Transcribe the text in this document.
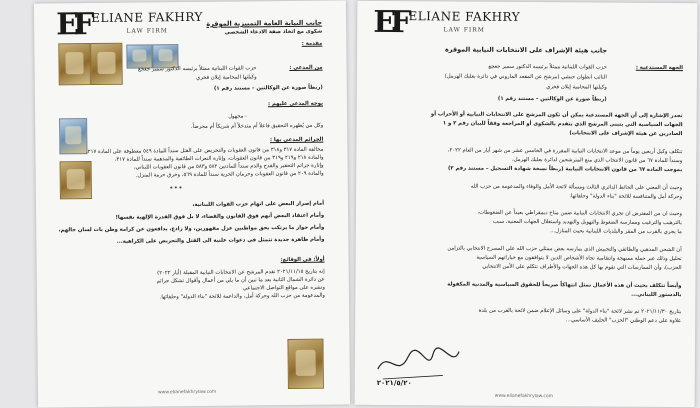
EF ELIANE FAKHRY
LAW FIRM
جانب النيابة العامة التمييزية الموقرة
شكوى مع اتخاذ صفة الادعاء الشخصي
مقدمة :
من المدعي :
حزب القوات اللبنانية ممثلاً برئيسه الدكتور سمير جعجع
وكيلتها المحامية إيلان فخري
(ربطاً صورة عن الوكالتين – مستند رقم ١)
بوجه المدعى عليهم :
- مجهول
وكل من يُظهره التحقيق فاعلاً أم متدخلاً أم شريكاً أم محرضاً.
الجرائم المدعى بها :
مخالفة المادة ٣١٧ و٣١٨ من قانون العقوبات والتحريض على القتل سنداً للمادة ٥٤٩ معطوفة على المادة ٢١٧،
والمادة ٢١٨ و٢١٩ و٣١٩ من قانون العقوبات، وإثارة النعرات الطائفية والمذهبية سنداً للمادة ٣١٧،
وإثارة جرائم التحقير والقدح والذم سنداً للمادتين ٥٨٢ و٥٨٣ من قانون العقوبات اللبناني،
والمادة ٢٠٩ من قانون العقوبات وحرمان الحرية سنداً للمادة ٥٦٩، وخرق حرمة المنزل.
* * *
أمام إصرار البعض على اتهام حزب القوات اللبنانية،
وأمام اعتقاد البعض أنهم فوق القانون والقضاء، لا بل فوق القدرة الإلهية نفسها!
وأمام حوار ما يرتكب بحق مواطنين عزل مقهورين، ولا رادع، يدافعون عن كرامة وطن بات لسان حالهم،
وأمام ظاهرة جديدة تتمثل في دعوات علنية الى القتل والتحريض على الكراهية...
أولاً: في الوقائع:
إنه بتاريخ ٢٠٢١/١١/١٥ تقدم المرشح عن الانتخابات النيابية المقبلة (أيار ٢٠٢٢)
عن دائرة الشمال الثانية بعد ما تبين أن ما يلي من أعمال وأقوال تشكل جرائم
ونشره على مواقع التواصل الاجتماعي
والمدعومة من حزب الله وحركة أمل، والداعمة للائحة "بناء الدولة" وحلفائها.
www.elianefakhrylaw.com
EF ELIANE FAKHRY
LAW FIRM
جانب هيئة الإشراف على الانتخابات النيابية الموقرة
الجهة المستدعية :
حزب القوات اللبنانية ممثلاً برئيسه الدكتور سمير جعجع
النائب انطوان حبشي (مرشح عن المقعد الماروني في دائرة بعلبك الهرمل)
وكيلتها المحامية إيلان فخري
(ربطاً صورة عن الوكالتين – مستند رقم ١)
تجدر الإشارة إلى أن الجهة المستدعية يمكن أن تكون المرشح على الانتخابات النيابية أو الأحزاب أو
الجهات السياسية التي يتبنى المرشح الذي يتقدم بالشكوى أو المراجعة وفقاً للبيان رقم ٢ و ١
الصادرين عن هيئة الإشراف على الانتخابات)
تتكلف وكيل أربعين يوماً من موعد الانتخابات النيابية المقررة في الخامس عشر من شهر أيار من العام ٢٠٢٢،
وسنداً للمادة ٦٧ من قانون الانتخاب الذي منع المترشحين لدائرة بعلبك الهرمل،
بموجب المادة ٦٧ من قانون الانتخابات النيابية (ربطاً نسخة شهادة التسجيل – مستند رقم ٢)
وحيث أن المعني على الحائط الدائري الثالث ومسألة لائحة الأمل والوفاء والمدعومة من حزب الله
وحركة أمل والمتنافسة للائحة "بناء الدولة" وحلفائها.
وحيث ان من المفترض ان تجري الانتخابات النيابية ضمن مناخ ديمقراطي بعيداً عن الضغوطات،
بالترهيب والترغيب وممارسة الضغوط والتهويل والتهديد واستغلال الجهات المعنية، سبب
ما يجري بالقرب من المقر والبلديات اللبنانية بحيث المنازل...
أن الشحن المذهبي والطائفي والتجييش الذي يمارسه بعض ممثلي حزب الله على المسرح الانتخابي بالتزامن
تحليل وذلك عبر حملة ممنهجة وانتقامية تجاه الأشخاص الذين لا يتوافقون مع خياراتهم السياسية
الحزب)، وأن الممارسات التي تقوم بها كل هذه الجهات والأطراف تتكلم على الأمن الانتخابي
وأيضاً تتكلف بحيث أن هذه الأعمال تمثل انتهاكاً صريحاً للحقوق السياسية والمدنية المكفولة
بالدستور اللبناني...
بتاريخ ٢٠٢١/١١/٣٠ تم نشر لائحة "بناء الدولة" على وسائل الإعلام ضمن لائحة بالقرب من بلدة
علاوة على دعم الوطني "الحزب" الحليف الأساسي...
٢٠٢١/٥/٢٠
www.elianefakhrylaw.com
